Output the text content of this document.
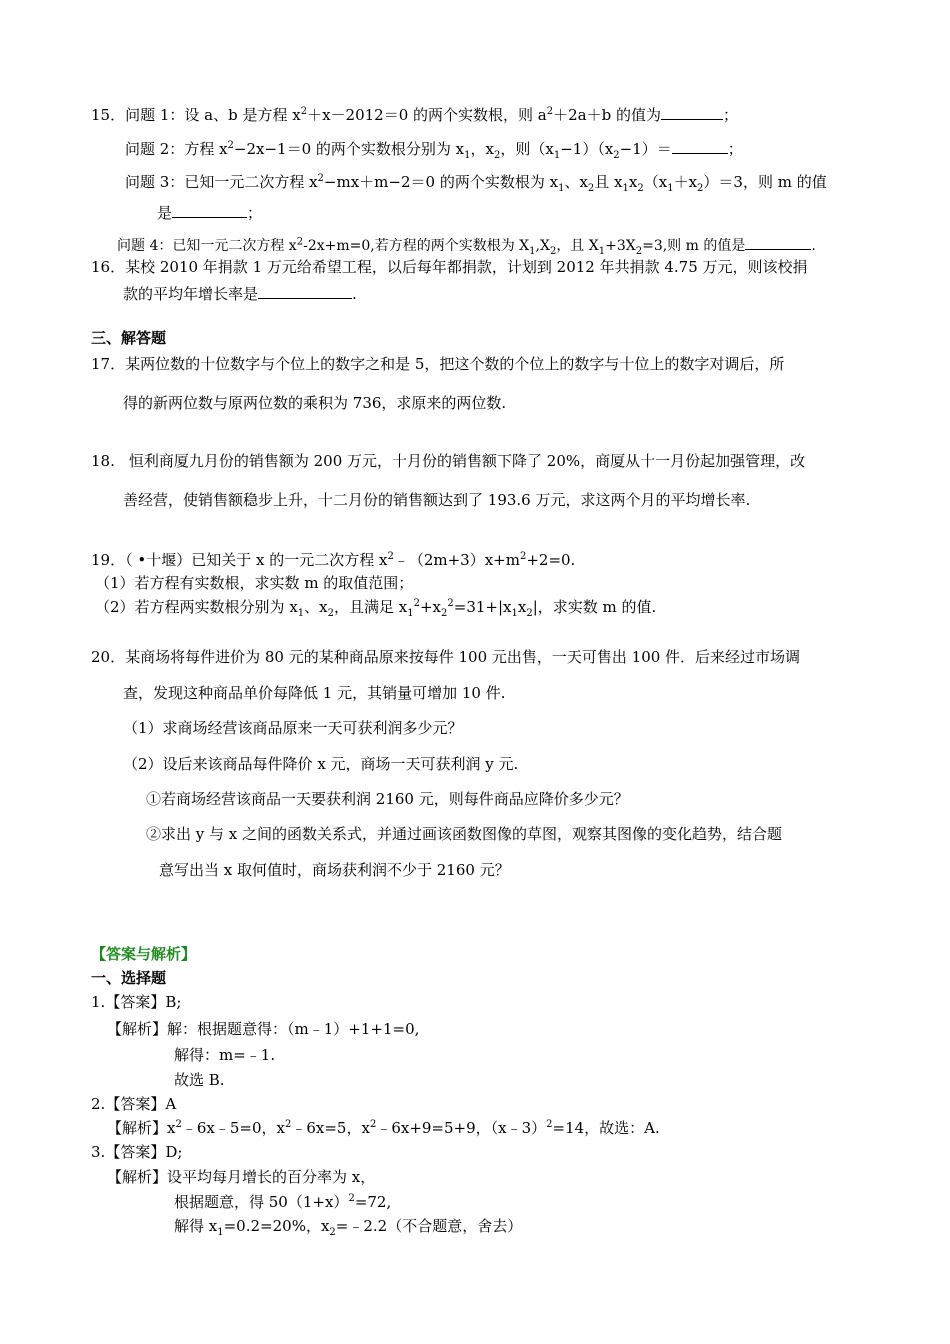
15．问题 1：设 a、b 是方程 $x^2+x-2012=0$ 的两个实数根，则 $a^2+2a+b$ 的值为	；
问题 2：方程 $x^2-2x-1=0$ 的两个实数根分别为 $x_1$，$x_2$，则$(x_1-1)(x_2-1)=$	；
问题 3：已知一元二次方程 $x^2-mx+m-2=0$ 的两个实数根为 $x_1$、$x_2$且 $x_1x_2(x_1+x_2)=3$，则 m 的值
是	；
问题 4：已知一元二次方程 $x^2-2x+m=0$,若方程的两个实数根为 $X_1,X_2$，且 $X_1+3X_2=3$,则 m 的值是	.
16．某校 2010 年捐款 1 万元给希望工程，以后每年都捐款，计划到 2012 年共捐款 4.75 万元，则该校捐
款的平均年增长率是	.
三、解答题
17．某两位数的十位数字与个位上的数字之和是 5，把这个数的个位上的数字与十位上的数字对调后，所
得的新两位数与原两位数的乘积为 736，求原来的两位数.
18. 恒利商厦九月份的销售额为 200 万元，十月份的销售额下降了 20%，商厦从十一月份起加强管理，改
善经营，使销售额稳步上升，十二月份的销售额达到了 193.6 万元，求这两个月的平均增长率.
19．（ •十堰）已知关于 x 的一元二次方程 $x^2﹣(2m+3)x+m^2+2=0$.
（1）若方程有实数根，求实数 m 的取值范围；
（2）若方程两实数根分别为 $x_1$、$x_2$，且满足 $x_1^2+x_2^2=31+|x_1x_2|$，求实数 m 的值.
20．某商场将每件进价为 80 元的某种商品原来按每件 100 元出售，一天可售出 100 件．后来经过市场调
查，发现这种商品单价每降低 1 元，其销量可增加 10 件.
（1）求商场经营该商品原来一天可获利润多少元？
（2）设后来该商品每件降价 x 元，商场一天可获利润 y 元.
①若商场经营该商品一天要获利润 2160 元，则每件商品应降价多少元？
②求出 y 与 x 之间的函数关系式，并通过画该函数图像的草图，观察其图像的变化趋势，结合题
意写出当 x 取何值时，商场获利润不少于 2160 元？
【答案与解析】
一、选择题
1.【答案】B;
【解析】解：根据题意得：（m﹣1）+1+1=0,
解得：m=﹣1.
故选 B.
2.【答案】A
【解析】$x^2﹣6x﹣5=0$，$x^2﹣6x=5$，$x^2﹣6x+9=5+9$，（x﹣3）$^2$=14，故选：A.
3.【答案】D;
【解析】设平均每月增长的百分率为 x，
根据题意，得 $50(1+x)^2=72$,
解得 $x_1=0.2=20\%$，$x_2=﹣2.2$（不合题意，舍去）
